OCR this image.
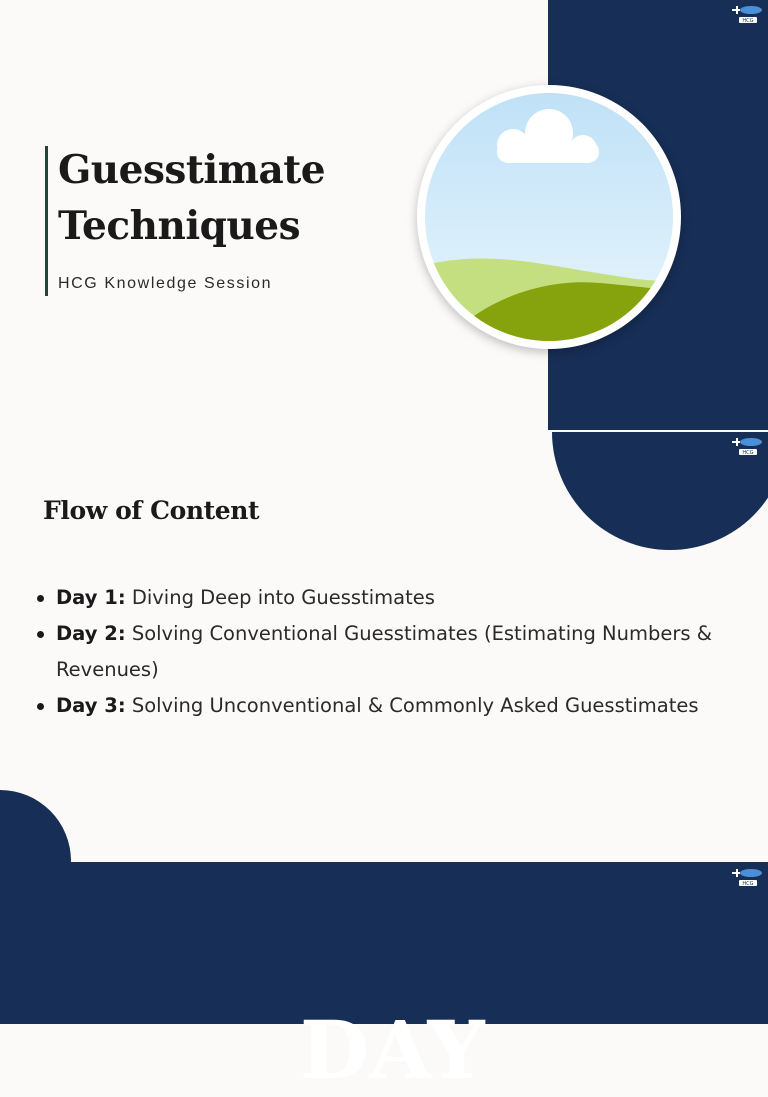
HCG
Guesstimate
Techniques

HCG Knowledge Session

HCG
Flow of Content
Day 1: Diving Deep into Guesstimates
Day 2: Solving Conventional Guesstimates (Estimating Numbers & Revenues)
Day 3: Solving Unconventional & Commonly Asked Guesstimates
HCG

DAY
